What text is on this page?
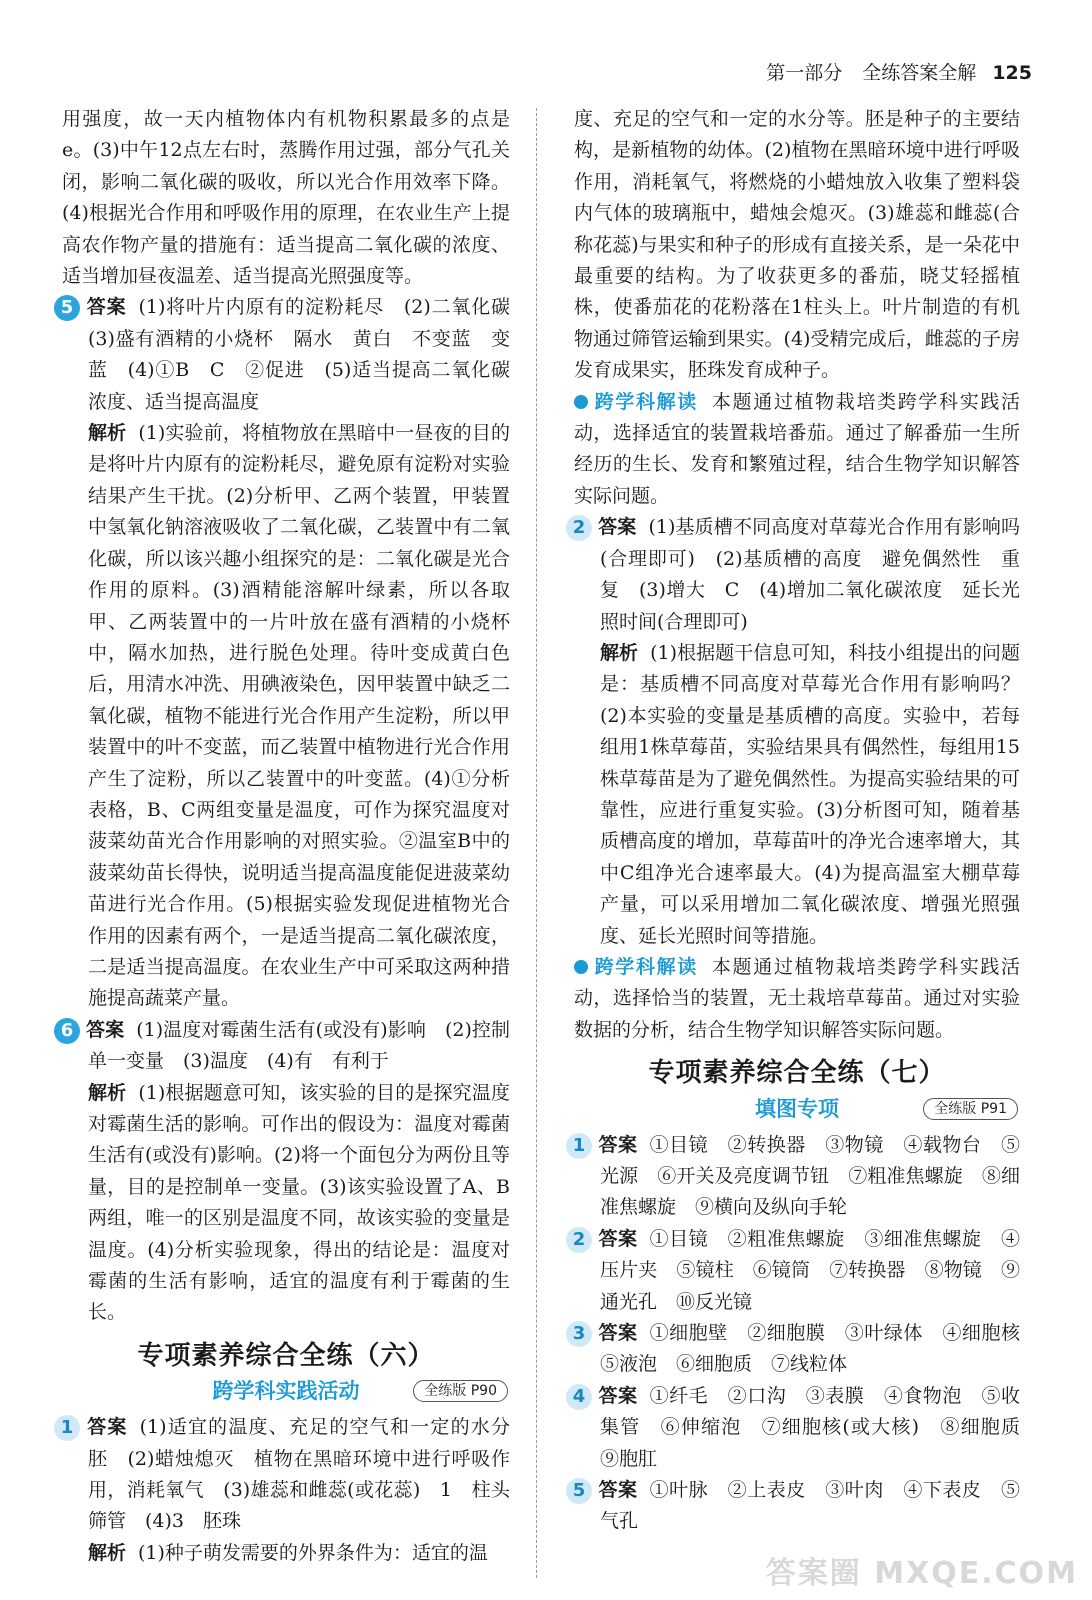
第一部分 全练答案全解 125

用强度，故一天内植物体内有机物积累最多的点是e。(3)中午12点左右时，蒸腾作用过强，部分气孔关闭，影响二氧化碳的吸收，所以光合作用效率下降。(4)根据光合作用和呼吸作用的原理，在农业生产上提高农作物产量的措施有：适当提高二氧化碳的浓度、适当增加昼夜温差、适当提高光照强度等。

5 答案 (1)将叶片内原有的淀粉耗尽　(2)二氧化碳　(3)盛有酒精的小烧杯　隔水　黄白　不变蓝　变蓝　(4)①B　C　②促进　(5)适当提高二氧化碳浓度、适当提高温度

解析 (1)实验前，将植物放在黑暗中一昼夜的目的是将叶片内原有的淀粉耗尽，避免原有淀粉对实验结果产生干扰。(2)分析甲、乙两个装置，甲装置中氢氧化钠溶液吸收了二氧化碳，乙装置中有二氧化碳，所以该兴趣小组探究的是：二氧化碳是光合作用的原料。(3)酒精能溶解叶绿素，所以各取甲、乙两装置中的一片叶放在盛有酒精的小烧杯中，隔水加热，进行脱色处理。待叶变成黄白色后，用清水冲洗、用碘液染色，因甲装置中缺乏二氧化碳，植物不能进行光合作用产生淀粉，所以甲装置中的叶不变蓝，而乙装置中植物进行光合作用产生了淀粉，所以乙装置中的叶变蓝。(4)①分析表格，B、C两组变量是温度，可作为探究温度对菠菜幼苗光合作用影响的对照实验。②温室B中的菠菜幼苗长得快，说明适当提高温度能促进菠菜幼苗进行光合作用。(5)根据实验发现促进植物光合作用的因素有两个，一是适当提高二氧化碳浓度，二是适当提高温度。在农业生产中可采取这两种措施提高蔬菜产量。

6 答案 (1)温度对霉菌生活有(或没有)影响　(2)控制单一变量　(3)温度　(4)有　有利于

解析 (1)根据题意可知，该实验的目的是探究温度对霉菌生活的影响。可作出的假设为：温度对霉菌生活有(或没有)影响。(2)将一个面包分为两份且等量，目的是控制单一变量。(3)该实验设置了A、B两组，唯一的区别是温度不同，故该实验的变量是温度。(4)分析实验现象，得出的结论是：温度对霉菌的生活有影响，适宜的温度有利于霉菌的生长。

专项素养综合全练（六）
跨学科实践活动	全练版 P90

1 答案 (1)适宜的温度、充足的空气和一定的水分　胚　(2)蜡烛熄灭　植物在黑暗环境中进行呼吸作用，消耗氧气　(3)雄蕊和雌蕊(或花蕊)　1　柱头　筛管　(4)3　胚珠

解析 (1)种子萌发需要的外界条件为：适宜的温

度、充足的空气和一定的水分等。胚是种子的主要结构，是新植物的幼体。(2)植物在黑暗环境中进行呼吸作用，消耗氧气，将燃烧的小蜡烛放入收集了塑料袋内气体的玻璃瓶中，蜡烛会熄灭。(3)雄蕊和雌蕊(合称花蕊)与果实和种子的形成有直接关系，是一朵花中最重要的结构。为了收获更多的番茄，晓艾轻摇植株，使番茄花的花粉落在1柱头上。叶片制造的有机物通过筛管运输到果实。(4)受精完成后，雌蕊的子房发育成果实，胚珠发育成种子。

跨学科解读 本题通过植物栽培类跨学科实践活动，选择适宜的装置栽培番茄。通过了解番茄一生所经历的生长、发育和繁殖过程，结合生物学知识解答实际问题。

2 答案 (1)基质槽不同高度对草莓光合作用有影响吗(合理即可)　(2)基质槽的高度　避免偶然性　重复　(3)增大　C　(4)增加二氧化碳浓度　延长光照时间(合理即可)

解析 (1)根据题干信息可知，科技小组提出的问题是：基质槽不同高度对草莓光合作用有影响吗？(2)本实验的变量是基质槽的高度。实验中，若每组用1株草莓苗，实验结果具有偶然性，每组用15株草莓苗是为了避免偶然性。为提高实验结果的可靠性，应进行重复实验。(3)分析图可知，随着基质槽高度的增加，草莓苗叶的净光合速率增大，其中C组净光合速率最大。(4)为提高温室大棚草莓产量，可以采用增加二氧化碳浓度、增强光照强度、延长光照时间等措施。

跨学科解读 本题通过植物栽培类跨学科实践活动，选择恰当的装置，无土栽培草莓苗。通过对实验数据的分析，结合生物学知识解答实际问题。

专项素养综合全练（七）
填图专项	全练版 P91

1 答案 ①目镜　②转换器　③物镜　④载物台　⑤光源　⑥开关及亮度调节钮　⑦粗准焦螺旋　⑧细准焦螺旋　⑨横向及纵向手轮

2 答案 ①目镜　②粗准焦螺旋　③细准焦螺旋　④压片夹　⑤镜柱　⑥镜筒　⑦转换器　⑧物镜　⑨通光孔　⑩反光镜

3 答案 ①细胞壁　②细胞膜　③叶绿体　④细胞核　⑤液泡　⑥细胞质　⑦线粒体

4 答案 ①纤毛　②口沟　③表膜　④食物泡　⑤收集管　⑥伸缩泡　⑦细胞核(或大核)　⑧细胞质　⑨胞肛

5 答案 ①叶脉　②上表皮　③叶肉　④下表皮　⑤气孔

答案圈 MXQE.COM
